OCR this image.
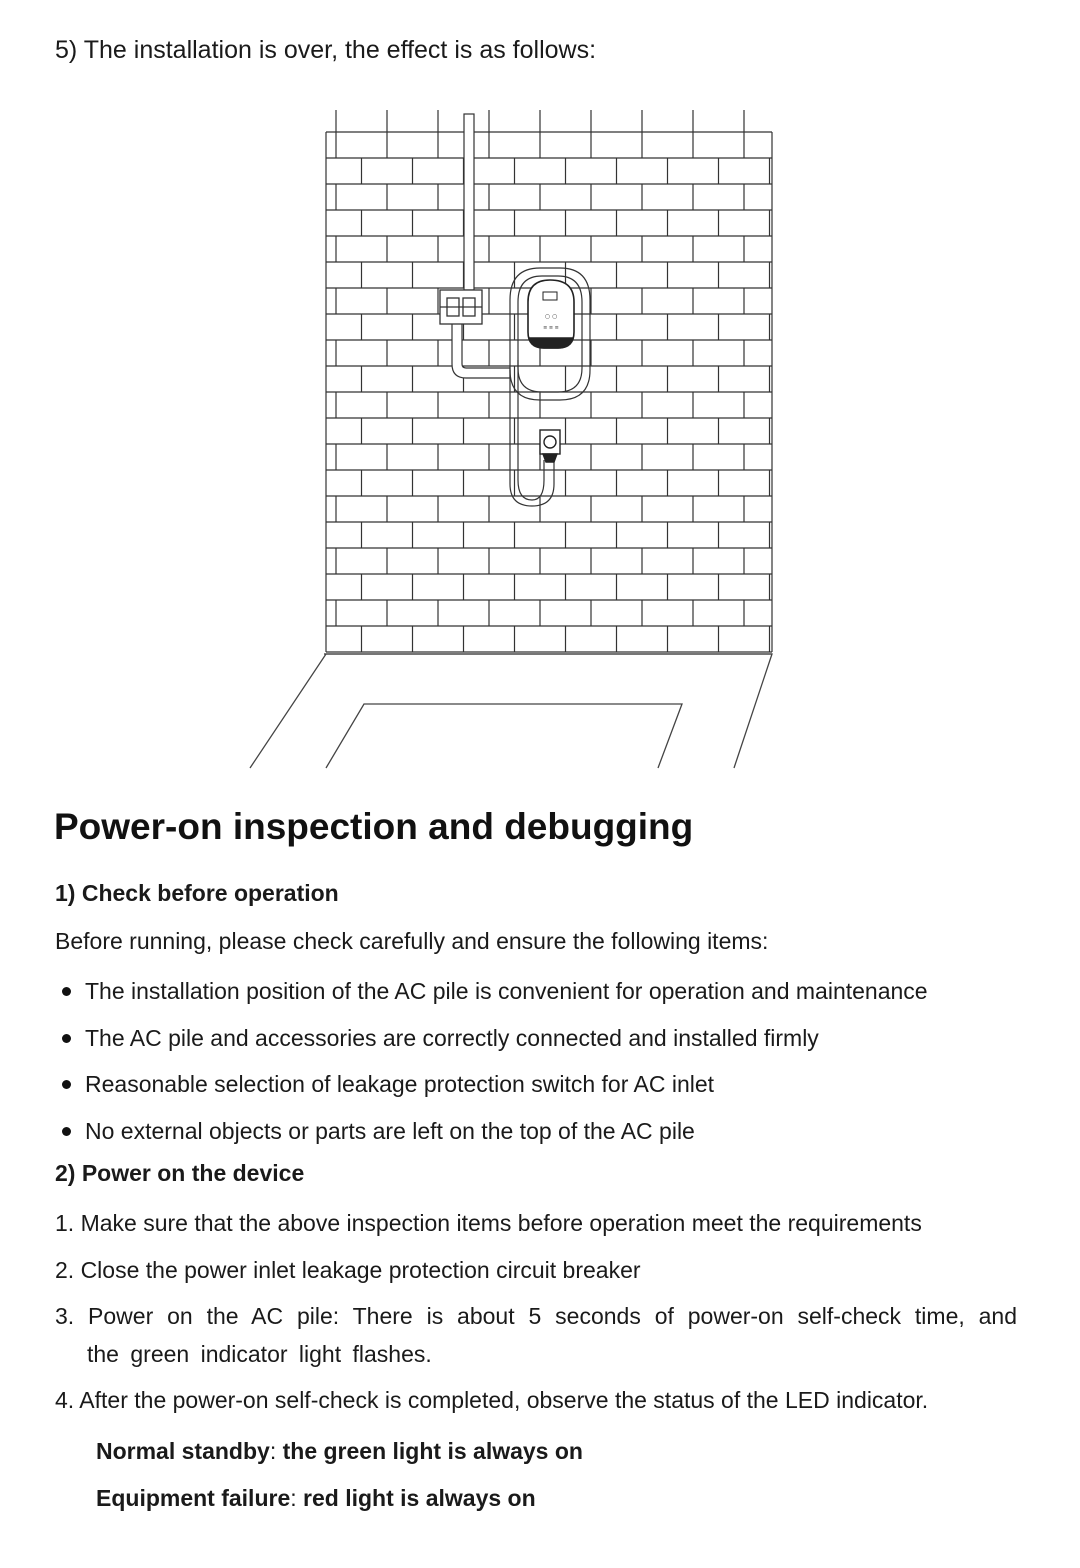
5) The installation is over, the effect is as follows:

○ ○
≡ ≡ ≡
Power-on inspection and debugging

1) Check before operation

Before running, please check carefully and ensure the following items:

The installation position of the AC pile is convenient for operation and maintenance
The AC pile and accessories are correctly connected and installed firmly
Reasonable selection of leakage protection switch for AC inlet
No external objects or parts are left on the top of the AC pile

2) Power on the device

1. Make sure that the above inspection items before operation meet the requirements
2. Close the power inlet leakage protection circuit breaker
3. Power on the AC pile: There is about 5 seconds of power-on self-check time, and
the green indicator light flashes.
4. After the power-on self-check is completed, observe the status of the LED indicator.

Normal standby: the green light is always on

Equipment failure: red light is always on
